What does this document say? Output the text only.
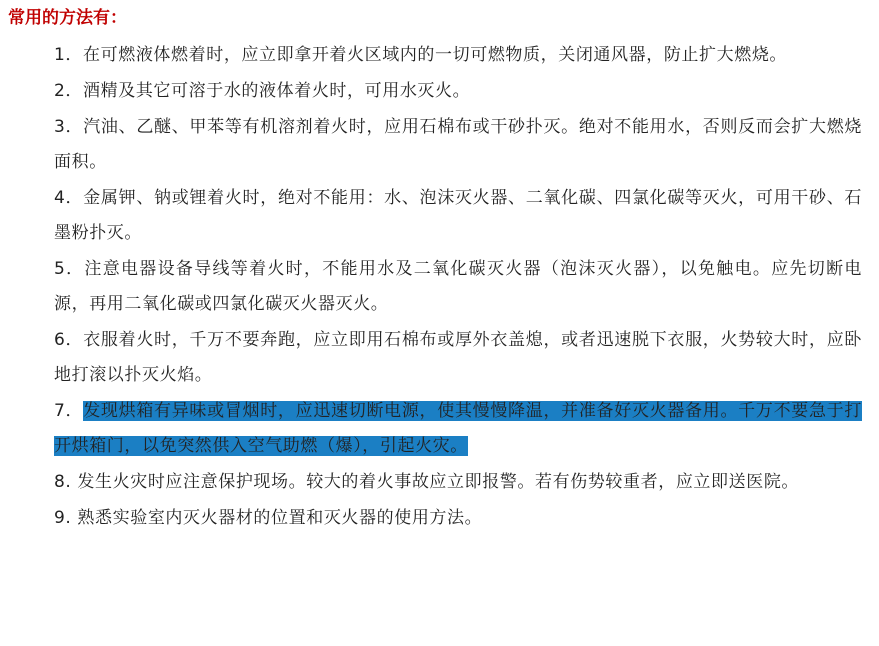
常用的方法有：
1．在可燃液体燃着时，应立即拿开着火区域内的一切可燃物质，关闭通风器，防止扩大燃烧。
2．酒精及其它可溶于水的液体着火时，可用水灭火。
3．汽油、乙醚、甲苯等有机溶剂着火时，应用石棉布或干砂扑灭。绝对不能用水，否则反而会扩大燃烧面积。
4．金属钾、钠或锂着火时，绝对不能用：水、泡沫灭火器、二氧化碳、四氯化碳等灭火，可用干砂、石墨粉扑灭。
5．注意电器设备导线等着火时，不能用水及二氧化碳灭火器（泡沫灭火器），以免触电。应先切断电源，再用二氧化碳或四氯化碳灭火器灭火。
6．衣服着火时，千万不要奔跑，应立即用石棉布或厚外衣盖熄，或者迅速脱下衣服，火势较大时，应卧地打滚以扑灭火焰。
7．发现烘箱有异味或冒烟时，应迅速切断电源，使其慢慢降温，并准备好灭火器备用。千万不要急于打开烘箱门，以免突然供入空气助燃（爆），引起火灾。
8. 发生火灾时应注意保护现场。较大的着火事故应立即报警。若有伤势较重者，应立即送医院。
9. 熟悉实验室内灭火器材的位置和灭火器的使用方法。
